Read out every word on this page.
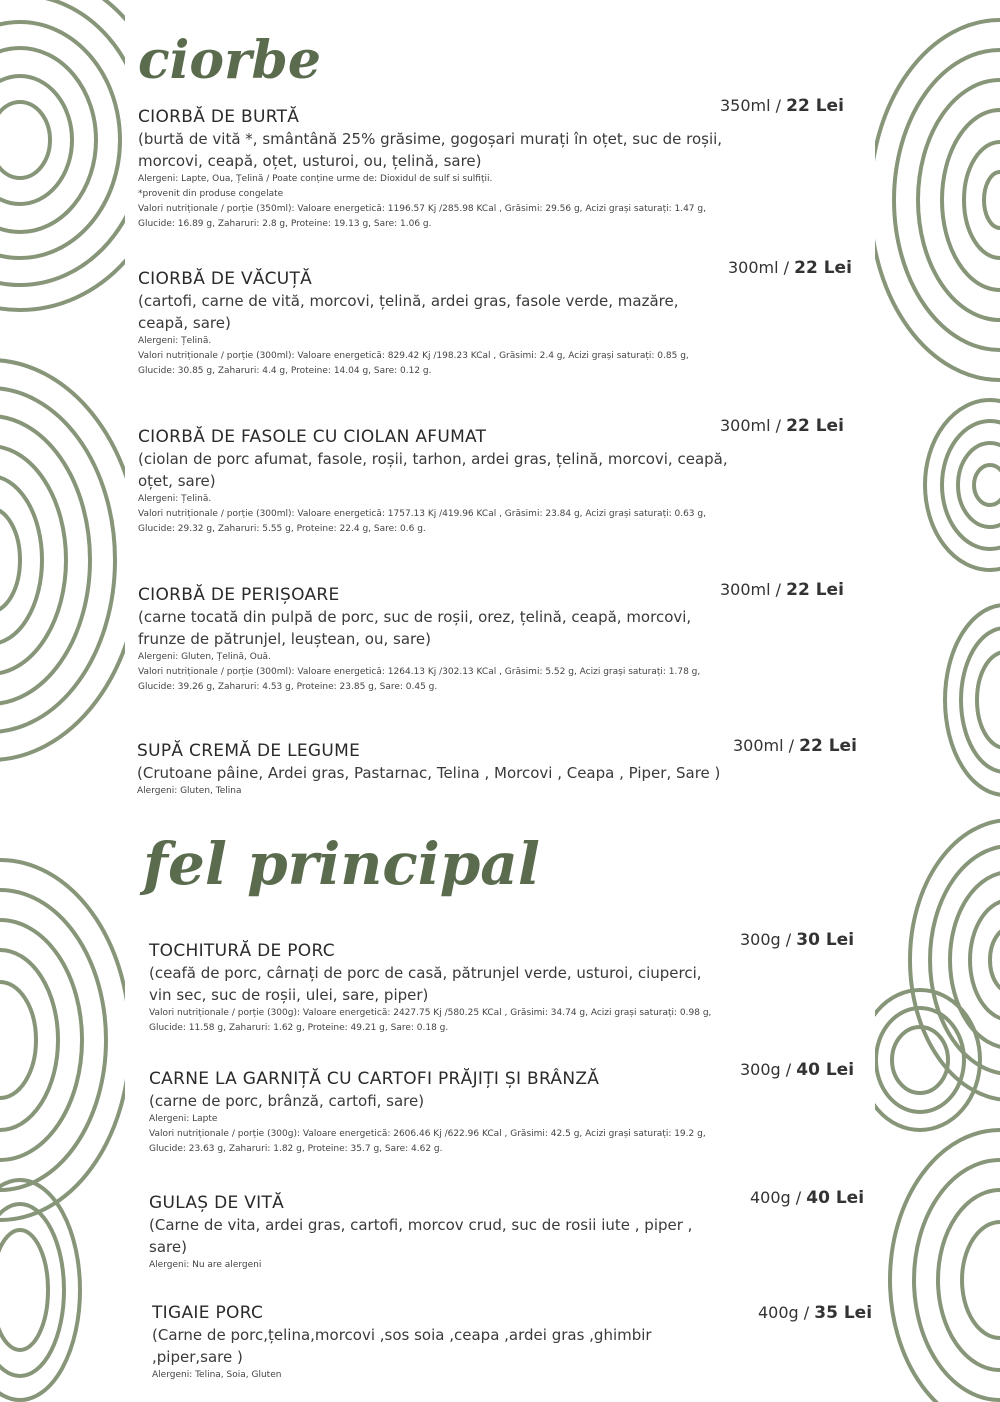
ciorbe
fel principal

CIORBĂ DE BURTĂ

(burtă de vită *, smântână 25% grăsime, gogoșari murați în oțet, suc de roșii, morcovi, ceapă, oțet, usturoi, ou, țelină, sare)

Alergeni: Lapte, Oua, Țelină / Poate conține urme de: Dioxidul de sulf si sulfiții.

*provenit din produse congelate

Valori nutriționale / porție (350ml): Valoare energetică: 1196.57 Kj /285.98 KCal , Grăsimi: 29.56 g, Acizi grași saturați: 1.47 g, Glucide: 16.89 g, Zaharuri: 2.8 g, Proteine: 19.13 g, Sare: 1.06 g.

350ml / 22 Lei

CIORBĂ DE VĂCUȚĂ

(cartofi, carne de vită, morcovi, țelină, ardei gras, fasole verde, mazăre, ceapă, sare)

Alergeni: Țelină.

Valori nutriționale / porție (300ml): Valoare energetică: 829.42 Kj /198.23 KCal , Grăsimi: 2.4 g, Acizi grași saturați: 0.85 g, Glucide: 30.85 g, Zaharuri: 4.4 g, Proteine: 14.04 g, Sare: 0.12 g.

300ml / 22 Lei

CIORBĂ DE FASOLE CU CIOLAN AFUMAT

(ciolan de porc afumat, fasole, roșii, tarhon, ardei gras, țelină, morcovi, ceapă, oțet, sare)

Alergeni: Țelină.

Valori nutriționale / porție (300ml): Valoare energetică: 1757.13 Kj /419.96 KCal , Grăsimi: 23.84 g, Acizi grași saturați: 0.63 g, Glucide: 29.32 g, Zaharuri: 5.55 g, Proteine: 22.4 g, Sare: 0.6 g.

300ml / 22 Lei

CIORBĂ DE PERIȘOARE

(carne tocată din pulpă de porc, suc de roșii, orez, țelină, ceapă, morcovi, frunze de pătrunjel, leuștean, ou, sare)

Alergeni: Gluten, Țelină, Ouă.

Valori nutriționale / porție (300ml): Valoare energetică: 1264.13 Kj /302.13 KCal , Grăsimi: 5.52 g, Acizi grași saturați: 1.78 g, Glucide: 39.26 g, Zaharuri: 4.53 g, Proteine: 23.85 g, Sare: 0.45 g.

300ml / 22 Lei

SUPĂ CREMĂ DE LEGUME

(Crutoane pâine, Ardei gras, Pastarnac, Telina , Morcovi , Ceapa , Piper, Sare )

Alergeni: Gluten, Telina

300ml / 22 Lei

TOCHITURĂ DE PORC

(ceafă de porc, cârnați de porc de casă, pătrunjel verde, usturoi, ciuperci, vin sec, suc de roșii, ulei, sare, piper)

Valori nutriționale / porție (300g): Valoare energetică: 2427.75 Kj /580.25 KCal , Grăsimi: 34.74 g, Acizi grași saturați: 0.98 g, Glucide: 11.58 g, Zaharuri: 1.62 g, Proteine: 49.21 g, Sare: 0.18 g.

300g / 30 Lei

CARNE LA GARNIȚĂ CU CARTOFI PRĂJIȚI ȘI BRÂNZĂ

(carne de porc, brânză, cartofi, sare)

Alergeni: Lapte

Valori nutriționale / porție (300g): Valoare energetică: 2606.46 Kj /622.96 KCal , Grăsimi: 42.5 g, Acizi grași saturați: 19.2 g, Glucide: 23.63 g, Zaharuri: 1.82 g, Proteine: 35.7 g, Sare: 4.62 g.

300g / 40 Lei

GULAȘ DE VITĂ

(Carne de vita, ardei gras, cartofi, morcov crud, suc de rosii iute , piper , sare)

Alergeni: Nu are alergeni

400g / 40 Lei

TIGAIE PORC

(Carne de porc,țelina,morcovi ,sos soia ,ceapa ,ardei gras ,ghimbir ,piper,sare )

Alergeni: Telina, Soia, Gluten

400g / 35 Lei
